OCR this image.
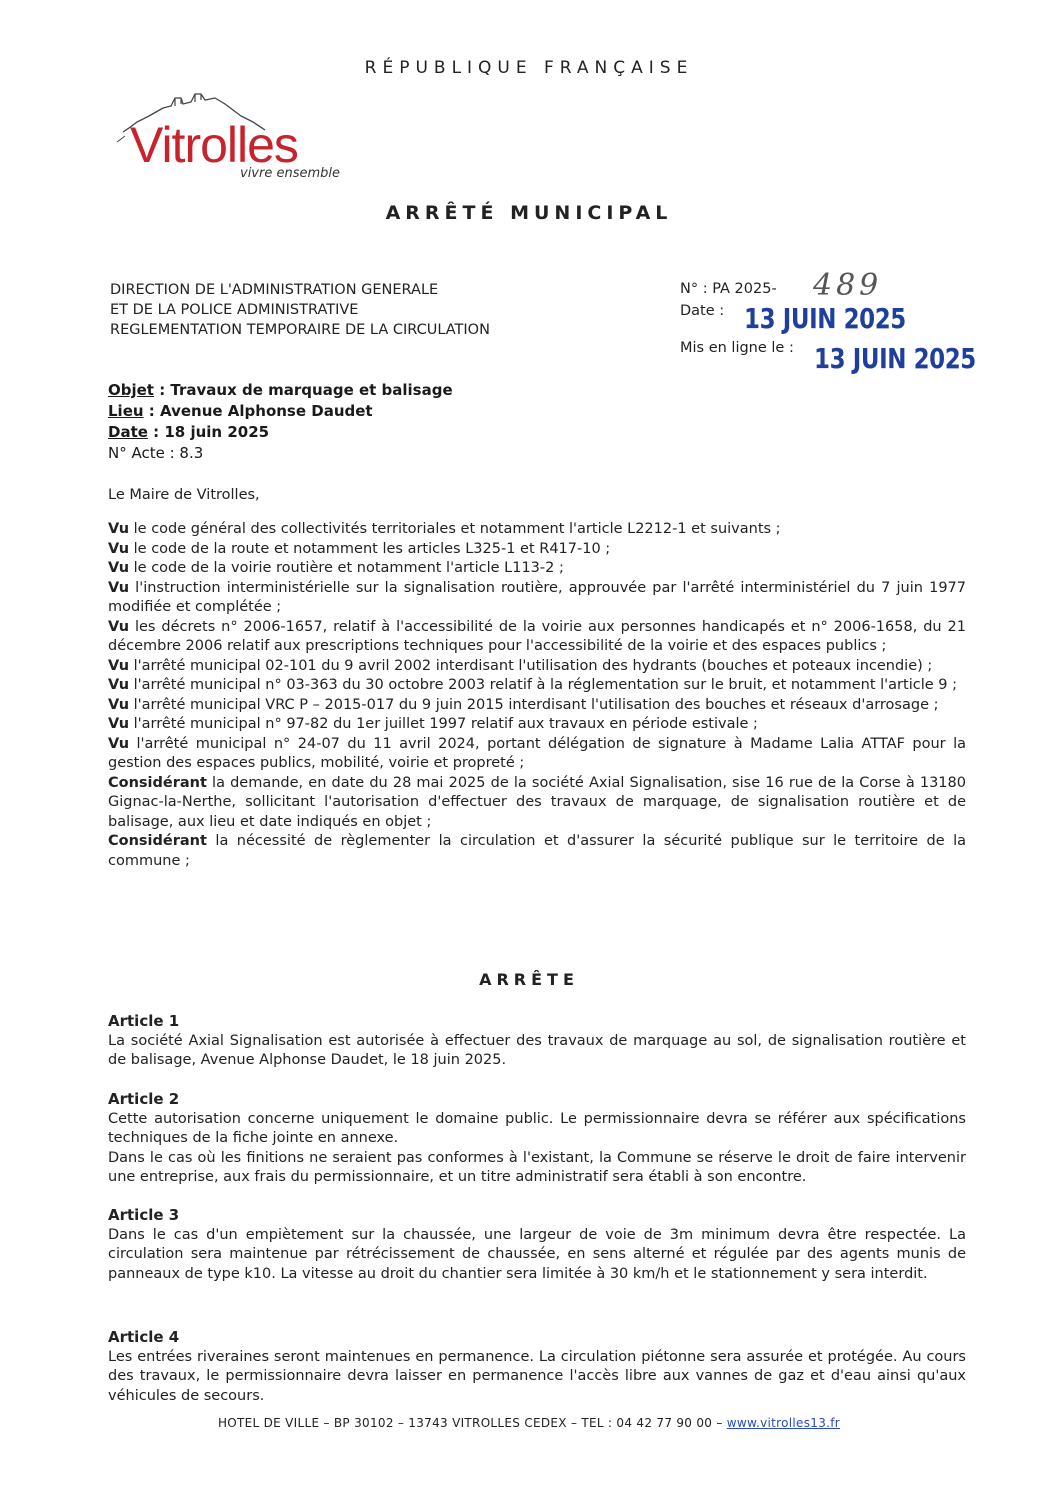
RÉPUBLIQUE FRANÇAISE
Vitrolles
vivre ensemble
ARRÊTÉ MUNICIPAL
DIRECTION DE L'ADMINISTRATION GENERALE
ET DE LA POLICE ADMINISTRATIVE
REGLEMENTATION TEMPORAIRE DE LA CIRCULATION
N° : PA 2025-
Date :
489
13 JUIN 2025
Mis en ligne le : 13 JUIN 2025
Objet : Travaux de marquage et balisage
Lieu : Avenue Alphonse Daudet
Date : 18 juin 2025
N° Acte : 8.3
Le Maire de Vitrolles,

Vu le code général des collectivités territoriales et notamment l'article L2212-1 et suivants ;

Vu le code de la route et notamment les articles L325-1 et R417-10 ;

Vu le code de la voirie routière et notamment l'article L113-2 ;

Vu l'instruction interministérielle sur la signalisation routière, approuvée par l'arrêté interministériel du 7 juin 1977 modifiée et complétée ;

Vu les décrets n° 2006-1657, relatif à l'accessibilité de la voirie aux personnes handicapés et n° 2006-1658, du 21 décembre 2006 relatif aux prescriptions techniques pour l'accessibilité de la voirie et des espaces publics ;

Vu l'arrêté municipal 02-101 du 9 avril 2002 interdisant l'utilisation des hydrants (bouches et poteaux incendie) ;

Vu l'arrêté municipal n° 03-363 du 30 octobre 2003 relatif à la réglementation sur le bruit, et notamment l'article 9 ;

Vu l'arrêté municipal VRC P – 2015-017 du 9 juin 2015 interdisant l'utilisation des bouches et réseaux d'arrosage ;

Vu l'arrêté municipal n° 97-82 du 1er juillet 1997 relatif aux travaux en période estivale ;

Vu l'arrêté municipal n° 24-07 du 11 avril 2024, portant délégation de signature à Madame Lalia ATTAF pour la gestion des espaces publics, mobilité, voirie et propreté ;

Considérant la demande, en date du 28 mai 2025 de la société Axial Signalisation, sise 16 rue de la Corse à 13180 Gignac-la-Nerthe, sollicitant l'autorisation d'effectuer des travaux de marquage, de signalisation routière et de balisage, aux lieu et date indiqués en objet ;

Considérant la nécessité de règlementer la circulation et d'assurer la sécurité publique sur le territoire de la commune ;

ARRÊTE
Article 1

La société Axial Signalisation est autorisée à effectuer des travaux de marquage au sol, de signalisation routière et de balisage, Avenue Alphonse Daudet, le 18 juin 2025.

Article 2

Cette autorisation concerne uniquement le domaine public. Le permissionnaire devra se référer aux spécifications techniques de la fiche jointe en annexe.

Dans le cas où les finitions ne seraient pas conformes à l'existant, la Commune se réserve le droit de faire intervenir une entreprise, aux frais du permissionnaire, et un titre administratif sera établi à son encontre.

Article 3

Dans le cas d'un empiètement sur la chaussée, une largeur de voie de 3m minimum devra être respectée. La circulation sera maintenue par rétrécissement de chaussée, en sens alterné et régulée par des agents munis de panneaux de type k10. La vitesse au droit du chantier sera limitée à 30 km/h et le stationnement y sera interdit.

Article 4

Les entrées riveraines seront maintenues en permanence. La circulation piétonne sera assurée et protégée. Au cours des travaux, le permissionnaire devra laisser en permanence l'accès libre aux vannes de gaz et d'eau ainsi qu'aux véhicules de secours.

HOTEL DE VILLE – BP 30102 – 13743 VITROLLES CEDEX – TEL : 04 42 77 90 00 – www.vitrolles13.fr
